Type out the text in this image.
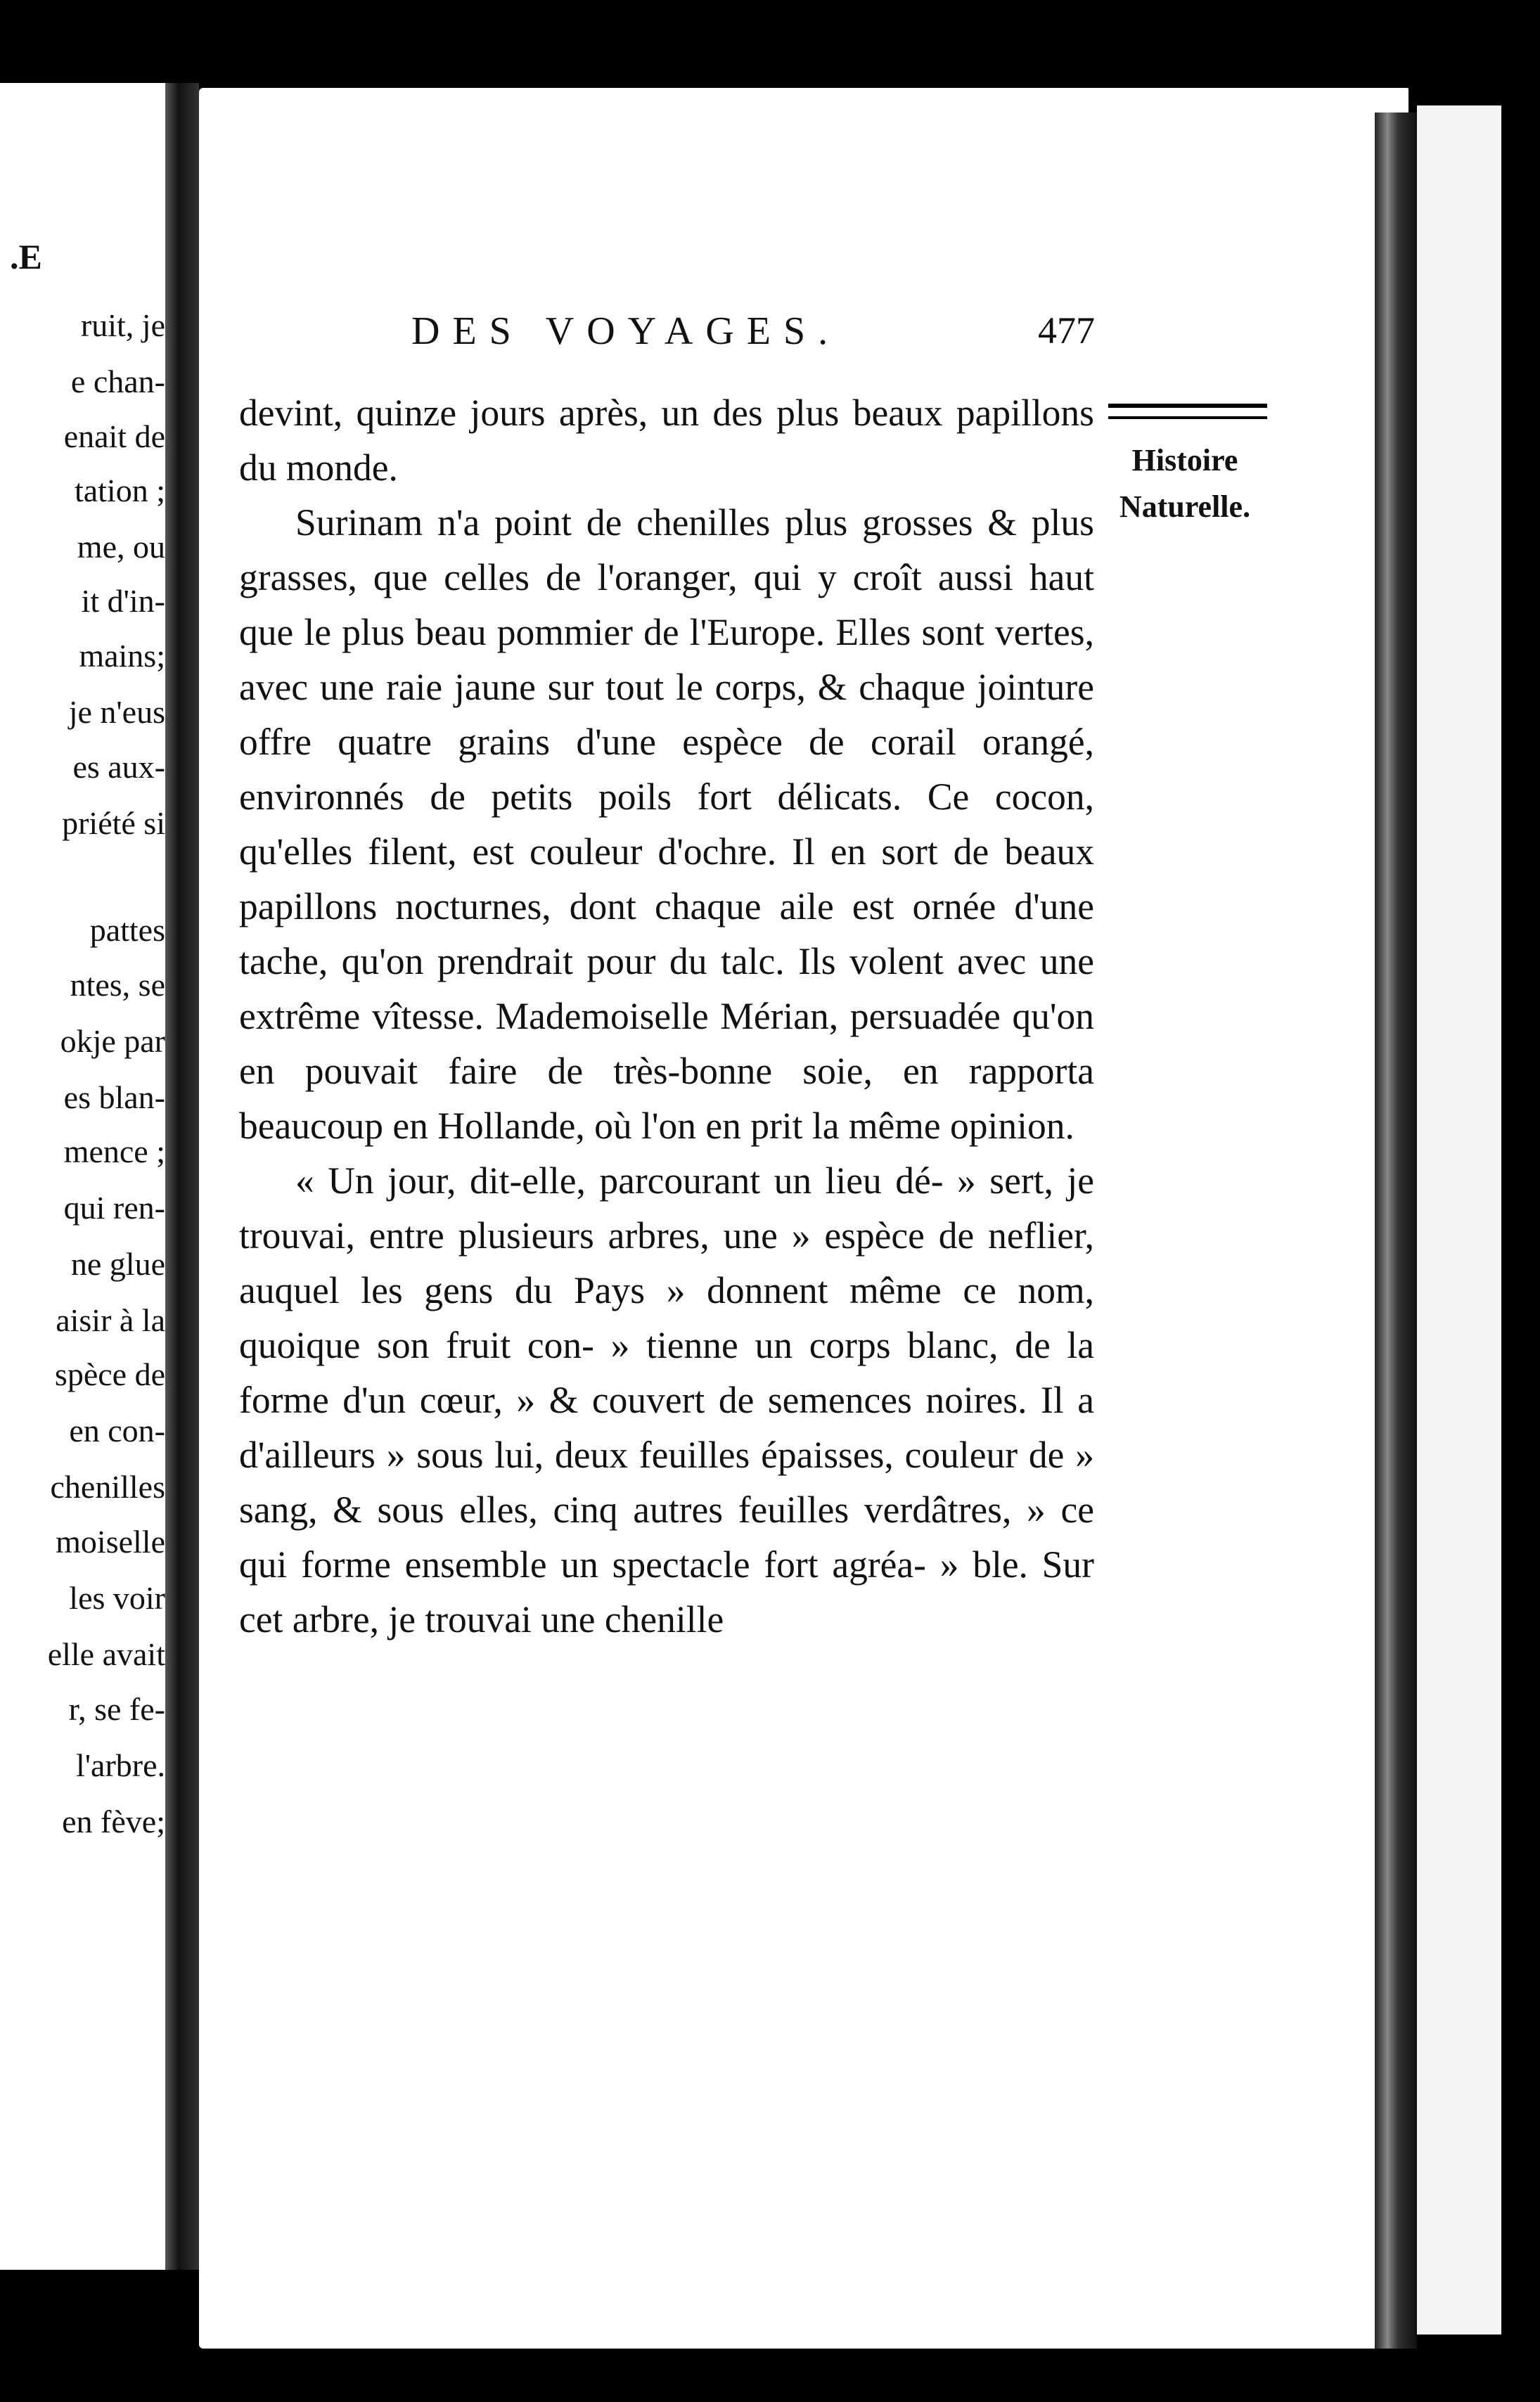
.E
ruit, je
e chan-
enait de
tation ;
me, ou
it d'in-
mains;
je n'eus
es aux-
priété si
pattes
ntes, se
okje par
es blan-
mence ;
qui ren-
ne glue
aisir à la
spèce de
en con-
chenilles
moiselle
les voir
elle avait
r, se fe-
l'arbre.
en fève;
DES VOYAGES.	477
Histoire
Naturelle.

devint, quinze jours après, un des plus beaux papillons du monde.

Surinam n'a point de chenilles plus grosses & plus grasses, que celles de l'oranger, qui y croît aussi haut que le plus beau pommier de l'Europe. Elles sont vertes, avec une raie jaune sur tout le corps, & chaque jointure offre quatre grains d'une espèce de corail orangé, environnés de petits poils fort délicats. Ce cocon, qu'elles filent, est couleur d'ochre. Il en sort de beaux papillons nocturnes, dont chaque aile est ornée d'une tache, qu'on prendrait pour du talc. Ils volent avec une extrême vîtesse. Mademoiselle Mérian, persuadée qu'on en pouvait faire de très-bonne soie, en rapporta beaucoup en Hollande, où l'on en prit la même opinion.

« Un jour, dit-elle, parcourant un lieu dé- » sert, je trouvai, entre plusieurs arbres, une » espèce de neflier, auquel les gens du Pays » donnent même ce nom, quoique son fruit con- » tienne un corps blanc, de la forme d'un cœur, » & couvert de semences noires. Il a d'ailleurs » sous lui, deux feuilles épaisses, couleur de » sang, & sous elles, cinq autres feuilles verdâtres, » ce qui forme ensemble un spectacle fort agréa- » ble. Sur cet arbre, je trouvai une chenille
